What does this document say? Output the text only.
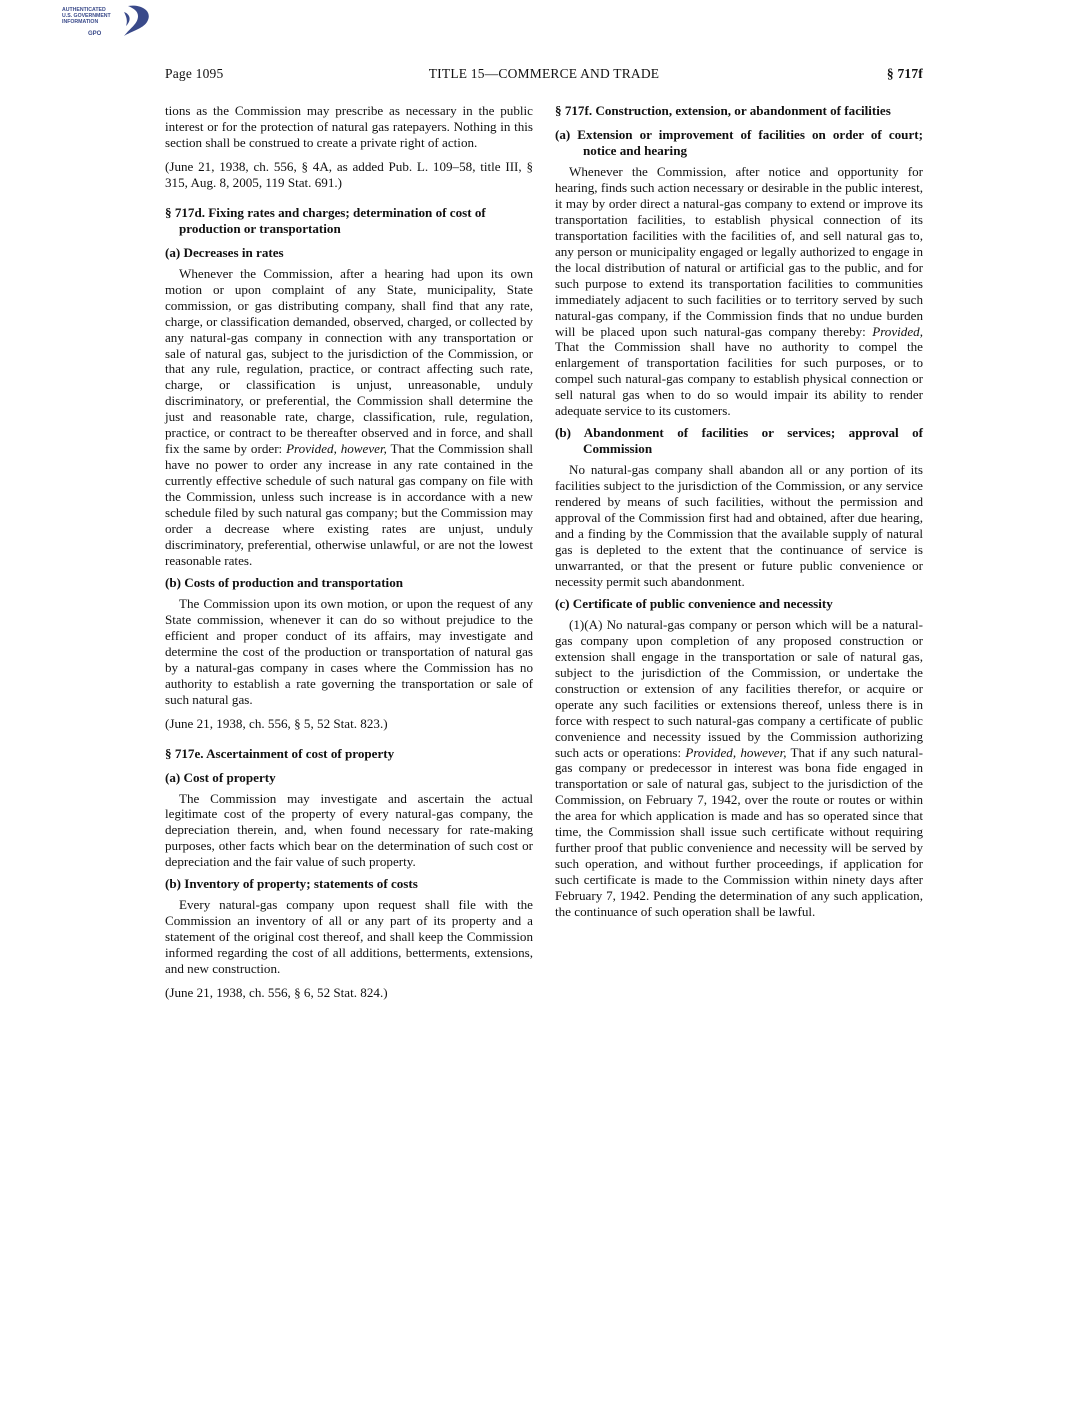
AUTHENTICATED
U.S. GOVERNMENT
INFORMATION
GPO
Page 1095	TITLE 15—COMMERCE AND TRADE	§ 717f

tions as the Commission may prescribe as necessary in the public interest or for the protection of natural gas ratepayers. Nothing in this section shall be construed to create a private right of action.

(June 21, 1938, ch. 556, § 4A, as added Pub. L. 109–58, title III, § 315, Aug. 8, 2005, 119 Stat. 691.)

§ 717d. Fixing rates and charges; determination of cost of production or transportation
(a) Decreases in rates

Whenever the Commission, after a hearing had upon its own motion or upon complaint of any State, municipality, State commission, or gas distributing company, shall find that any rate, charge, or classification demanded, observed, charged, or collected by any natural-gas company in connection with any transportation or sale of natural gas, subject to the jurisdiction of the Commission, or that any rule, regulation, practice, or contract affecting such rate, charge, or classification is unjust, unreasonable, unduly discriminatory, or preferential, the Commission shall determine the just and reasonable rate, charge, classification, rule, regulation, practice, or contract to be thereafter observed and in force, and shall fix the same by order: Provided, however, That the Commission shall have no power to order any increase in any rate contained in the currently effective schedule of such natural gas company on file with the Commission, unless such increase is in accordance with a new schedule filed by such natural gas company; but the Commission may order a decrease where existing rates are unjust, unduly discriminatory, preferential, otherwise unlawful, or are not the lowest reasonable rates.

(b) Costs of production and transportation

The Commission upon its own motion, or upon the request of any State commission, whenever it can do so without prejudice to the efficient and proper conduct of its affairs, may investigate and determine the cost of the production or transportation of natural gas by a natural-gas company in cases where the Commission has no authority to establish a rate governing the transportation or sale of such natural gas.

(June 21, 1938, ch. 556, § 5, 52 Stat. 823.)

§ 717e. Ascertainment of cost of property
(a) Cost of property

The Commission may investigate and ascertain the actual legitimate cost of the property of every natural-gas company, the depreciation therein, and, when found necessary for rate-making purposes, other facts which bear on the determination of such cost or depreciation and the fair value of such property.

(b) Inventory of property; statements of costs

Every natural-gas company upon request shall file with the Commission an inventory of all or any part of its property and a statement of the original cost thereof, and shall keep the Commission informed regarding the cost of all additions, betterments, extensions, and new construction.

(June 21, 1938, ch. 556, § 6, 52 Stat. 824.)

§ 717f. Construction, extension, or abandonment of facilities
(a) Extension or improvement of facilities on order of court; notice and hearing

Whenever the Commission, after notice and opportunity for hearing, finds such action necessary or desirable in the public interest, it may by order direct a natural-gas company to extend or improve its transportation facilities, to establish physical connection of its transportation facilities with the facilities of, and sell natural gas to, any person or municipality engaged or legally authorized to engage in the local distribution of natural or artificial gas to the public, and for such purpose to extend its transportation facilities to communities immediately adjacent to such facilities or to territory served by such natural-gas company, if the Commission finds that no undue burden will be placed upon such natural-gas company thereby: Provided, That the Commission shall have no authority to compel the enlargement of transportation facilities for such purposes, or to compel such natural-gas company to establish physical connection or sell natural gas when to do so would impair its ability to render adequate service to its customers.

(b) Abandonment of facilities or services; approval of Commission

No natural-gas company shall abandon all or any portion of its facilities subject to the jurisdiction of the Commission, or any service rendered by means of such facilities, without the permission and approval of the Commission first had and obtained, after due hearing, and a finding by the Commission that the available supply of natural gas is depleted to the extent that the continuance of service is unwarranted, or that the present or future public convenience or necessity permit such abandonment.

(c) Certificate of public convenience and necessity

(1)(A) No natural-gas company or person which will be a natural-gas company upon completion of any proposed construction or extension shall engage in the transportation or sale of natural gas, subject to the jurisdiction of the Commission, or undertake the construction or extension of any facilities therefor, or acquire or operate any such facilities or extensions thereof, unless there is in force with respect to such natural-gas company a certificate of public convenience and necessity issued by the Commission authorizing such acts or operations: Provided, however, That if any such natural-gas company or predecessor in interest was bona fide engaged in transportation or sale of natural gas, subject to the jurisdiction of the Commission, on February 7, 1942, over the route or routes or within the area for which application is made and has so operated since that time, the Commission shall issue such certificate without requiring further proof that public convenience and necessity will be served by such operation, and without further proceedings, if application for such certificate is made to the Commission within ninety days after February 7, 1942. Pending the determination of any such application, the continuance of such operation shall be lawful.
